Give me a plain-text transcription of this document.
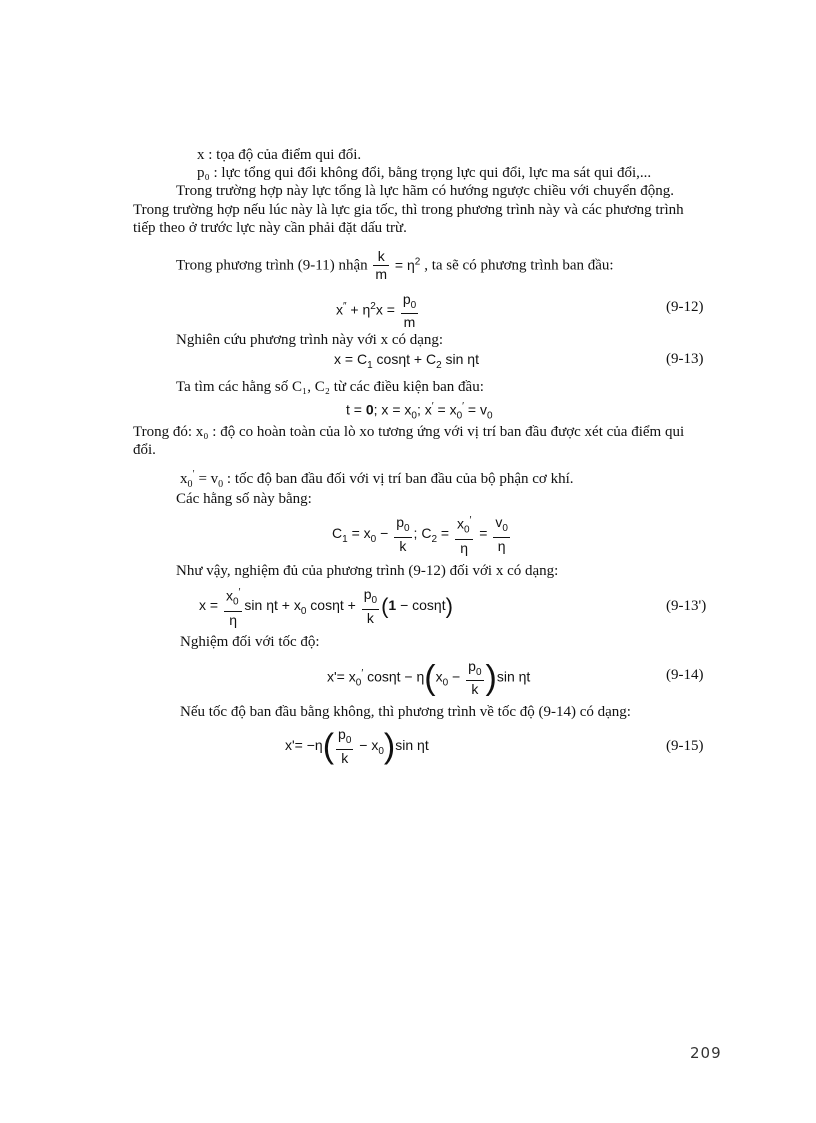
x : tọa độ của điểm qui đổi.
p₀ : lực tổng qui đổi không đổi, bằng trọng lực qui đổi, lực ma sát qui đổi,...
Trong trường hợp này lực tổng là lực hãm có hướng ngược chiều với chuyển động.
Trong trường hợp nếu lúc này là lực gia tốc, thì trong phương trình này và các phương trình
tiếp theo ở trước lực này cần phải đặt dấu trừ.
Trong phương trình (9-11) nhận $\frac{k}{m} = \eta^2$ , ta sẽ có phương trình ban đầu:
$x'' + \eta^2x = \frac{p_0}{m}$	(9-12)
Nghiên cứu phương trình này với x có dạng:
$x = C_1$ $\cos\eta t + C_2$ sin ηt	(9-13)
Ta tìm các hằng số C₁, C₂ từ các điều kiện ban đầu:
t = 0; $x = x_0$; $x' = x_0' = v_0$
Trong đó: x₀ : độ co hoàn toàn của lò xo tương ứng với vị trí ban đầu được xét của điểm qui
đổi.
$x_0' = v_0$ : tốc độ ban đầu đối với vị trí ban đầu của bộ phận cơ khí.
Các hằng số này bằng:
$C_1 = x_0 - \frac{p_0}{k}$ ; $C_2 = \frac{x_0'}{\eta} = \frac{v_0}{\eta}$
Như vậy, nghiệm đủ của phương trình (9-12) đối với x có dạng:
$x = \frac{x_0'}{\eta}$ $\sin \eta t + x_0$ $\cos\eta t + \frac{p_0}{k} (1 - \cos\eta t)$	(9-13')
Nghiệm đối với tốc độ:
$x'= x_0'$ $\cos\eta t - \eta(x_0 - \frac{p_0}{k} )\sin$ ηt	(9-14)
Nếu tốc độ ban đầu bằng không, thì phương trình về tốc độ (9-14) có dạng:
$x'= -\eta( \frac{p_0}{k} - x_0)\sin$ ηt	(9-15)
209
